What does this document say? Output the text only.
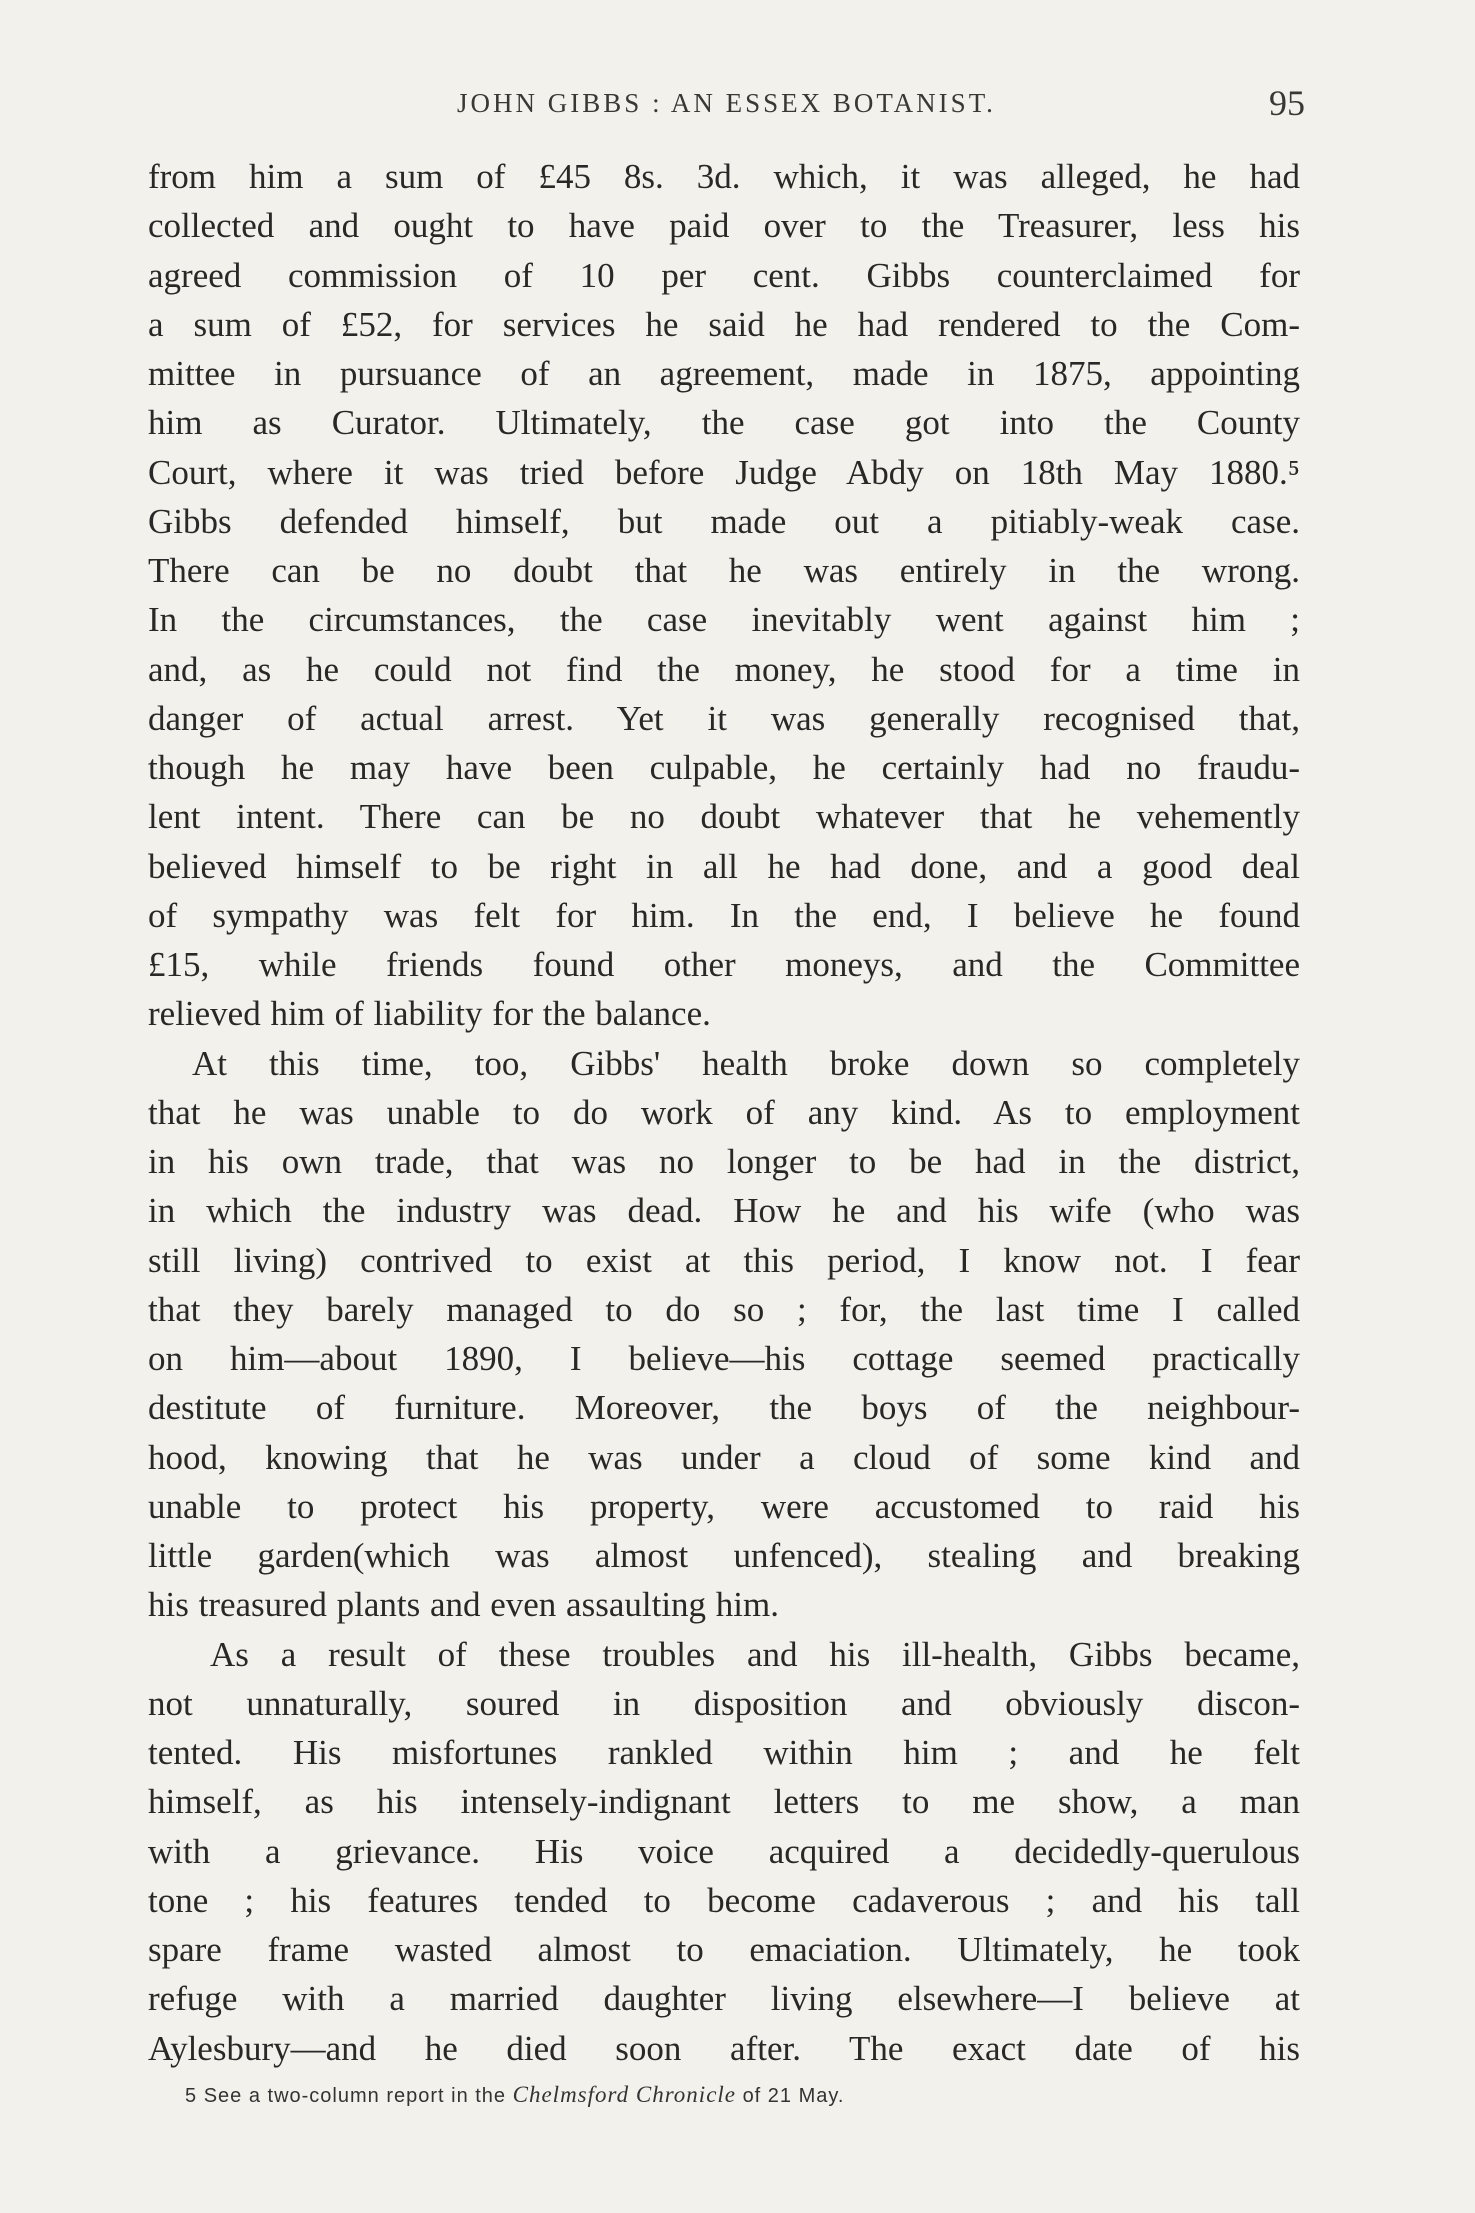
JOHN GIBBS : AN ESSEX BOTANIST.	95
from him a sum of £45 8s. 3d. which, it was alleged, he had
collected and ought to have paid over to the Treasurer, less his
agreed commission of 10 per cent. Gibbs counterclaimed for
a sum of £52, for services he said he had rendered to the Com-
mittee in pursuance of an agreement, made in 1875, appointing
him as Curator. Ultimately, the case got into the County
Court, where it was tried before Judge Abdy on 18th May 1880.⁵
Gibbs defended himself, but made out a pitiably-weak case.
There can be no doubt that he was entirely in the wrong.
In the circumstances, the case inevitably went against him ;
and, as he could not find the money, he stood for a time in
danger of actual arrest. Yet it was generally recognised that,
though he may have been culpable, he certainly had no fraudu-
lent intent. There can be no doubt whatever that he vehemently
believed himself to be right in all he had done, and a good deal
of sympathy was felt for him. In the end, I believe he found
£15, while friends found other moneys, and the Committee
relieved him of liability for the balance.
At this time, too, Gibbs' health broke down so completely
that he was unable to do work of any kind. As to employment
in his own trade, that was no longer to be had in the district,
in which the industry was dead. How he and his wife (who was
still living) contrived to exist at this period, I know not. I fear
that they barely managed to do so ; for, the last time I called
on him—about 1890, I believe—his cottage seemed practically
destitute of furniture. Moreover, the boys of the neighbour-
hood, knowing that he was under a cloud of some kind and
unable to protect his property, were accustomed to raid his
little garden(which was almost unfenced), stealing and breaking
his treasured plants and even assaulting him.
As a result of these troubles and his ill-health, Gibbs became,
not unnaturally, soured in disposition and obviously discon-
tented. His misfortunes rankled within him ; and he felt
himself, as his intensely-indignant letters to me show, a man
with a grievance. His voice acquired a decidedly-querulous
tone ; his features tended to become cadaverous ; and his tall
spare frame wasted almost to emaciation. Ultimately, he took
refuge with a married daughter living elsewhere—I believe at
Aylesbury—and he died soon after. The exact date of his
5 See a two-column report in the Chelmsford Chronicle of 21 May.
